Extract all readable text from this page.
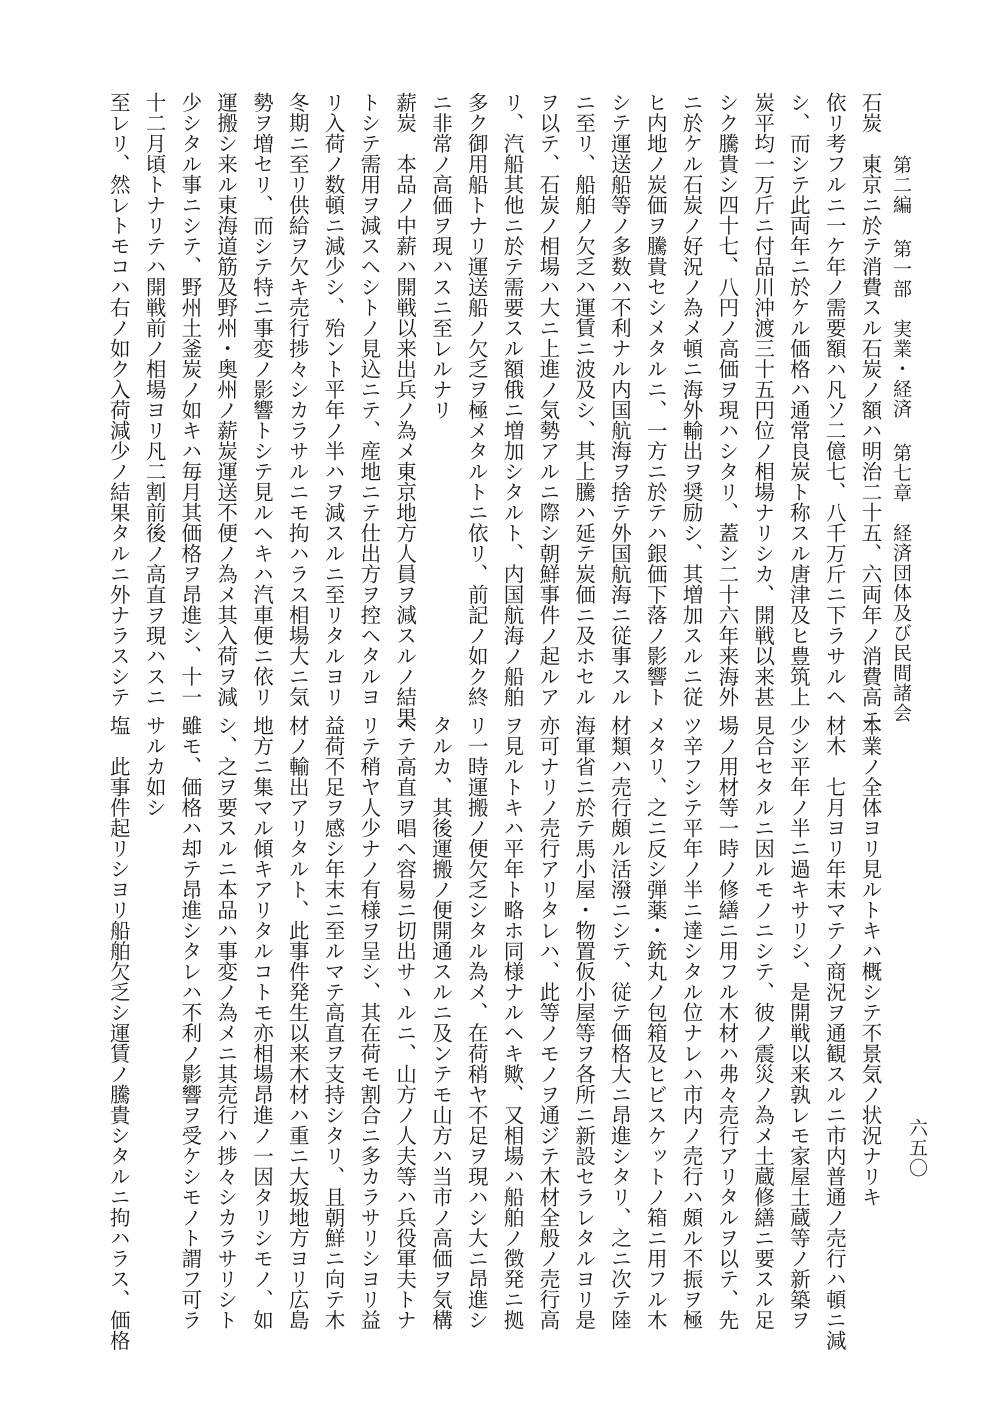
第二編 第一部　実業・経済 第七章　経済団体及び民間諸会
石炭　東京ニ於テ消費スル石炭ノ額ハ明治二十五、六両年ノ消費高ニ
依リ考フルニ一ケ年ノ需要額ハ凡ソ二億七、八千万斤ニ下ラサルヘ
シ、而シテ此両年ニ於ケル価格ハ通常良炭ト称スル唐津及ヒ豊筑上
炭平均一万斤ニ付品川沖渡三十五円位ノ相場ナリシカ、開戦以来甚
シク騰貴シ四十七、八円ノ高価ヲ現ハシタリ、蓋シ二十六年来海外
ニ於ケル石炭ノ好況ノ為メ頓ニ海外輸出ヲ奨励シ、其増加スルニ従
ヒ内地ノ炭価ヲ騰貴セシメタルニ、一方ニ於テハ銀価下落ノ影響ト
シテ運送船等ノ多数ハ不利ナル内国航海ヲ捨テ外国航海ニ従事スル
ニ至リ、船舶ノ欠乏ハ運賃ニ波及シ、其上騰ハ延テ炭価ニ及ホセル
ヲ以テ、石炭ノ相場ハ大ニ上進ノ気勢アルニ際シ朝鮮事件ノ起ルア
リ、汽船其他ニ於テ需要スル額俄ニ増加シタルト、内国航海ノ船舶
多ク御用船トナリ運送船ノ欠乏ヲ極メタルトニ依リ、前記ノ如ク終
ニ非常ノ高価ヲ現ハスニ至レルナリ
薪炭　本品ノ中薪ハ開戦以来出兵ノ為メ東京地方人員ヲ減スルノ結果
トシテ需用ヲ減スヘシトノ見込ニテ、産地ニテ仕出方ヲ控ヘタルヨ
リ入荷ノ数頓ニ減少シ、殆ント平年ノ半ハヲ減スルニ至リタルヨリ
冬期ニ至リ供給ヲ欠キ売行捗々シカラサルニモ拘ハラス相場大ニ気
勢ヲ増セリ、而シテ特ニ事変ノ影響トシテ見ルヘキハ汽車便ニ依リ
運搬シ来ル東海道筋及野州・奥州ノ薪炭運送不便ノ為メ其入荷ヲ減
少シタル事ニシテ、野州土釜炭ノ如キハ毎月其価格ヲ昂進シ、十一
十二月頃トナリテハ開戦前ノ相場ヨリ凡二割前後ノ高直ヲ現ハスニ
至レリ、然レトモコハ右ノ如ク入荷減少ノ結果タルニ外ナラスシテ
本業ノ全体ヨリ見ルトキハ概シテ不景気ノ状況ナリキ
材木　七月ヨリ年末マテノ商況ヲ通観スルニ市内普通ノ売行ハ頓ニ減
少シ平年ノ半ニ過キサリシ、是開戦以来孰レモ家屋土蔵等ノ新築ヲ
見合セタルニ因ルモノニシテ、彼ノ震災ノ為メ土蔵修繕ニ要スル足
場ノ用材等一時ノ修繕ニ用フル木材ハ弗々売行アリタルヲ以テ、先
ツ辛フシテ平年ノ半ニ達シタル位ナレハ市内ノ売行ハ頗ル不振ヲ極
メタリ、之ニ反シ弾薬・銃丸ノ包箱及ヒビスケットノ箱ニ用フル木
材類ハ売行頗ル活潑ニシテ、従テ価格大ニ昂進シタリ、之ニ次テ陸
海軍省ニ於テ馬小屋・物置仮小屋等ヲ各所ニ新設セラレタルヨリ是
亦可ナリノ売行アリタレハ、此等ノモノヲ通ジテ木材全般ノ売行高
ヲ見ルトキハ平年ト略ホ同様ナルヘキ歟、又相場ハ船舶ノ徴発ニ拠
リ一時運搬ノ便欠乏シタル為メ、在荷稍ヤ不足ヲ現ハシ大ニ昂進シ
タルカ、其後運搬ノ便開通スルニ及ンテモ山方ハ当市ノ高価ヲ気構
ヘテ高直ヲ唱ヘ容易ニ切出サヽルニ、山方ノ人夫等ハ兵役軍夫トナ
リテ稍ヤ人少ナノ有様ヲ呈シ、其在荷モ割合ニ多カラサリシヨリ益
益荷不足ヲ感シ年末ニ至ルマテ高直ヲ支持シタリ、且朝鮮ニ向テ木
材ノ輸出アリタルト、此事件発生以来木材ハ重ニ大坂地方ヨリ広島
地方ニ集マル傾キアリタルコトモ亦相場昂進ノ一因タリシモノ、如
シ、之ヲ要スルニ本品ハ事変ノ為メニ其売行ハ捗々シカラサリシト
雖モ、価格ハ却テ昂進シタレハ不利ノ影響ヲ受ケシモノト謂フ可ラ
サルカ如シ
塩　此事件起リシヨリ船舶欠乏シ運賃ノ騰貴シタルニ拘ハラス、価格	六五〇
